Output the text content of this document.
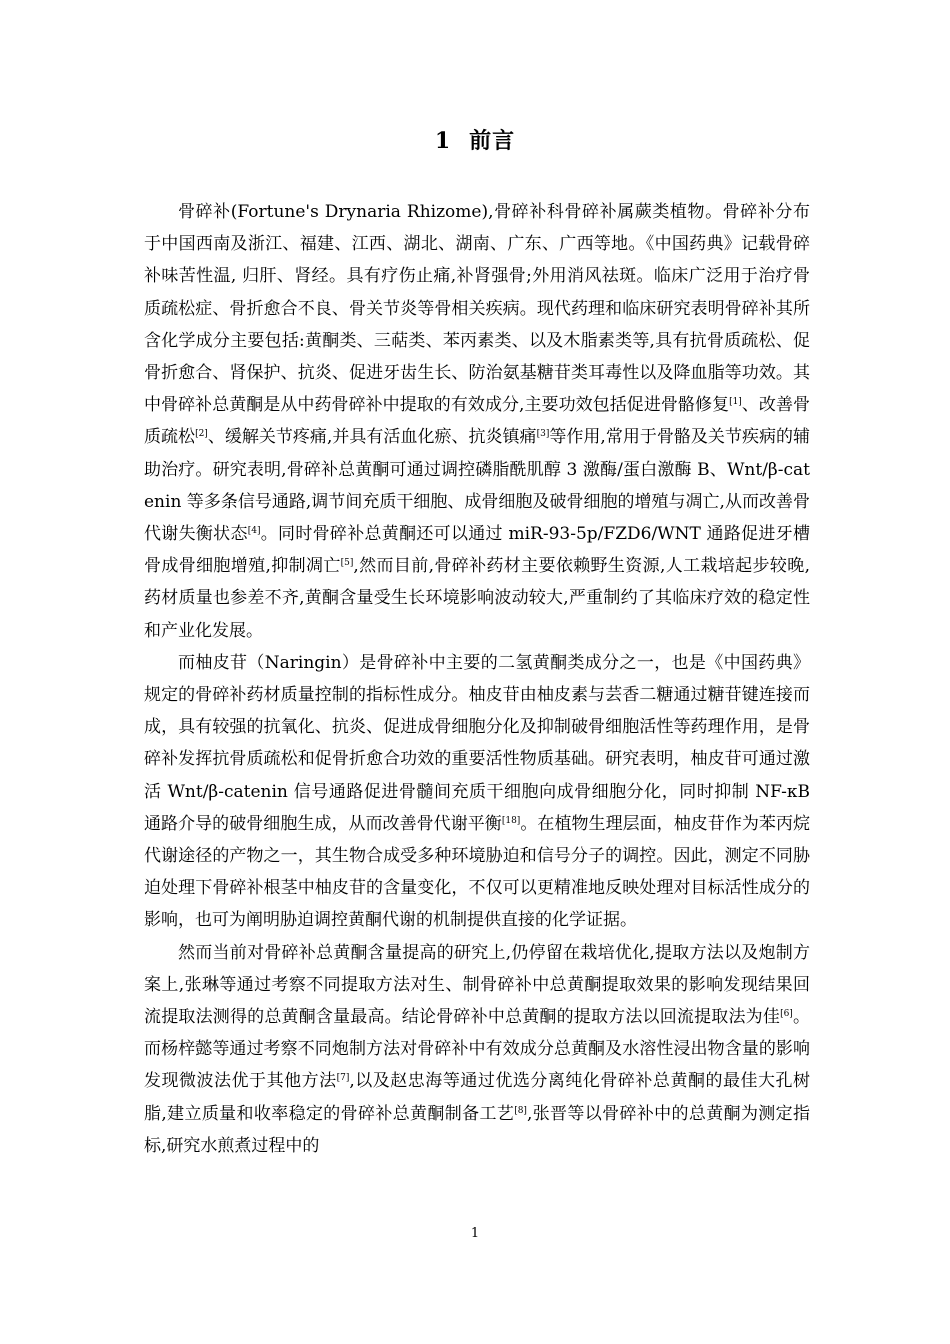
1 前言

骨碎补(Fortune's Drynaria Rhizome),骨碎补科骨碎补属蕨类植物。骨碎补分布于中国西南及浙江、福建、江西、湖北、湖南、广东、广西等地。《中国药典》记载骨碎补味苦性温, 归肝、肾经。具有疗伤止痛,补肾强骨;外用消风祛斑。临床广泛用于治疗骨质疏松症、骨折愈合不良、骨关节炎等骨相关疾病。现代药理和临床研究表明骨碎补其所含化学成分主要包括:黄酮类、三萜类、苯丙素类、以及木脂素类等,具有抗骨质疏松、促骨折愈合、肾保护、抗炎、促进牙齿生长、防治氨基糖苷类耳毒性以及降血脂等功效。其中骨碎补总黄酮是从中药骨碎补中提取的有效成分,主要功效包括促进骨骼修复[1]、改善骨质疏松[2]、缓解关节疼痛,并具有活血化瘀、抗炎镇痛[3]等作用,常用于骨骼及关节疾病的辅助治疗。研究表明,骨碎补总黄酮可通过调控磷脂酰肌醇 3 激酶/蛋白激酶 B、Wnt/β-catenin 等多条信号通路,调节间充质干细胞、成骨细胞及破骨细胞的增殖与凋亡,从而改善骨代谢失衡状态[4]。同时骨碎补总黄酮还可以通过 miR-93-5p/FZD6/WNT 通路促进牙槽骨成骨细胞增殖,抑制凋亡[5],然而目前,骨碎补药材主要依赖野生资源,人工栽培起步较晚,药材质量也参差不齐,黄酮含量受生长环境影响波动较大,严重制约了其临床疗效的稳定性和产业化发展。

而柚皮苷（Naringin）是骨碎补中主要的二氢黄酮类成分之一，也是《中国药典》规定的骨碎补药材质量控制的指标性成分。柚皮苷由柚皮素与芸香二糖通过糖苷键连接而成，具有较强的抗氧化、抗炎、促进成骨细胞分化及抑制破骨细胞活性等药理作用，是骨碎补发挥抗骨质疏松和促骨折愈合功效的重要活性物质基础。研究表明，柚皮苷可通过激活 Wnt/β-catenin 信号通路促进骨髓间充质干细胞向成骨细胞分化，同时抑制 NF-κB 通路介导的破骨细胞生成，从而改善骨代谢平衡[18]。在植物生理层面，柚皮苷作为苯丙烷代谢途径的产物之一，其生物合成受多种环境胁迫和信号分子的调控。因此，测定不同胁迫处理下骨碎补根茎中柚皮苷的含量变化，不仅可以更精准地反映处理对目标活性成分的影响，也可为阐明胁迫调控黄酮代谢的机制提供直接的化学证据。

然而当前对骨碎补总黄酮含量提高的研究上,仍停留在栽培优化,提取方法以及炮制方案上,张琳等通过考察不同提取方法对生、制骨碎补中总黄酮提取效果的影响发现结果回流提取法测得的总黄酮含量最高。结论骨碎补中总黄酮的提取方法以回流提取法为佳[6]。而杨梓懿等通过考察不同炮制方法对骨碎补中有效成分总黄酮及水溶性浸出物含量的影响发现微波法优于其他方法[7],以及赵忠海等通过优选分离纯化骨碎补总黄酮的最佳大孔树脂,建立质量和收率稳定的骨碎补总黄酮制备工艺[8],张晋等以骨碎补中的总黄酮为测定指标,研究水煎煮过程中的

1
